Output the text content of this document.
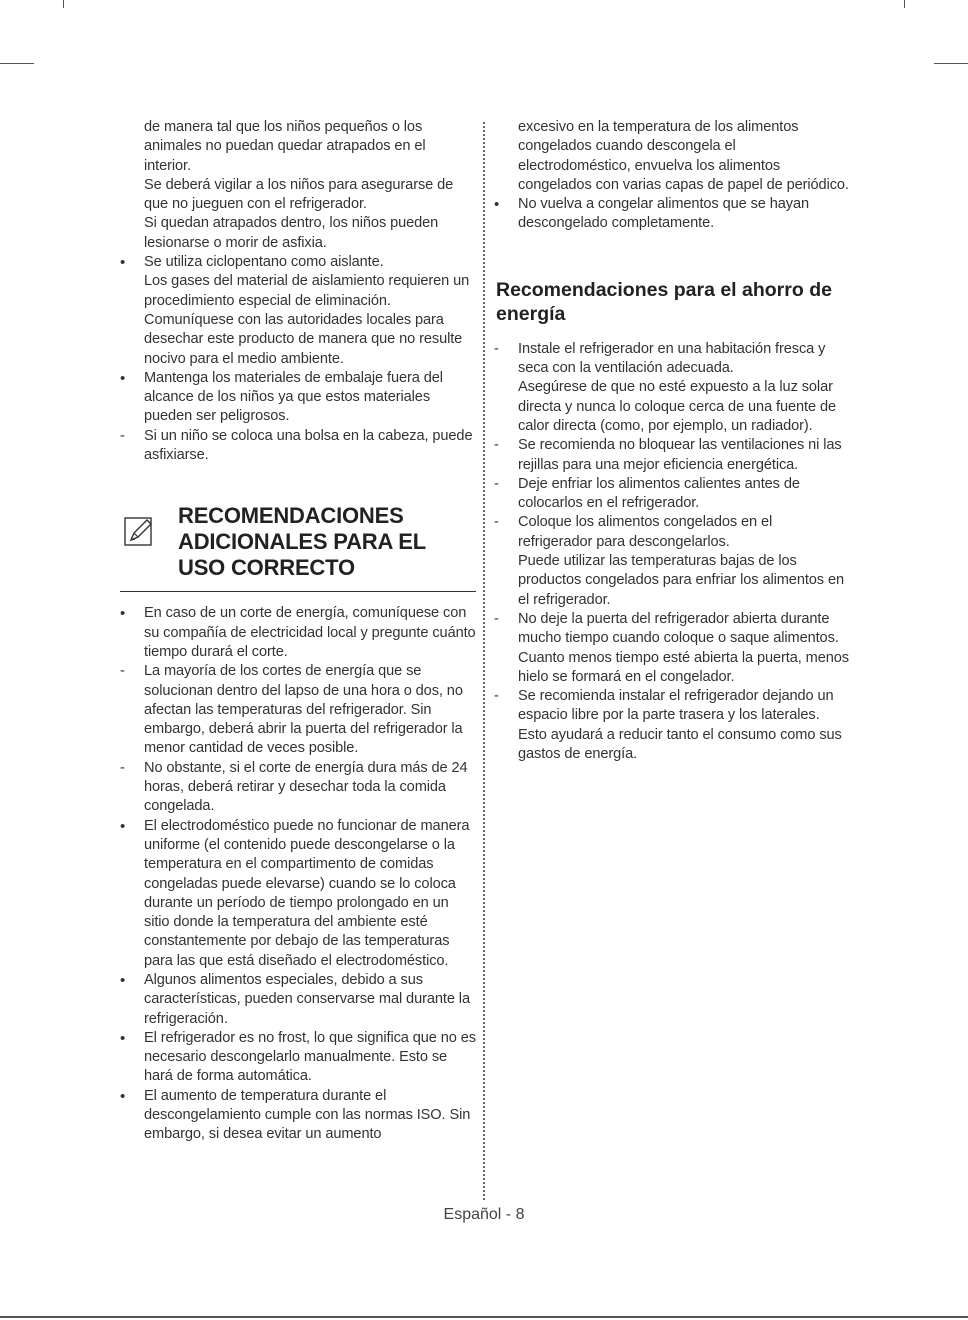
de manera tal que los niños pequeños o los animales no puedan quedar atrapados en el interior.

Se deberá vigilar a los niños para asegurarse de que no jueguen con el refrigerador.

Si quedan atrapados dentro, los niños pueden lesionarse o morir de asfixia.

•

Se utiliza ciclopentano como aislante.

Los gases del material de aislamiento requieren un procedimiento especial de eliminación. Comuníquese con las autoridades locales para desechar este producto de manera que no resulte nocivo para el medio ambiente.

•

Mantenga los materiales de embalaje fuera del alcance de los niños ya que estos materiales pueden ser peligrosos.

-

Si un niño se coloca una bolsa en la cabeza, puede asfixiarse.

RECOMENDACIONES
ADICIONALES PARA EL
USO CORRECTO
•

En caso de un corte de energía, comuníquese con su compañía de electricidad local y pregunte cuánto tiempo durará el corte.

-

La mayoría de los cortes de energía que se solucionan dentro del lapso de una hora o dos, no afectan las temperaturas del refrigerador. Sin embargo, deberá abrir la puerta del refrigerador la menor cantidad de veces posible.

-

No obstante, si el corte de energía dura más de 24 horas, deberá retirar y desechar toda la comida congelada.

•

El electrodoméstico puede no funcionar de manera uniforme (el contenido puede descongelarse o la temperatura en el compartimento de comidas congeladas puede elevarse) cuando se lo coloca durante un período de tiempo prolongado en un sitio donde la temperatura del ambiente esté constantemente por debajo de las temperaturas para las que está diseñado el electrodoméstico.

•

Algunos alimentos especiales, debido a sus características, pueden conservarse mal durante la refrigeración.

•

El refrigerador es no frost, lo que significa que no es necesario descongelarlo manualmente. Esto se hará de forma automática.

•

El aumento de temperatura durante el descongelamiento cumple con las normas ISO. Sin embargo, si desea evitar un aumento

excesivo en la temperatura de los alimentos congelados cuando descongela el electrodoméstico, envuelva los alimentos congelados con varias capas de papel de periódico.

•

No vuelva a congelar alimentos que se hayan descongelado completamente.

Recomendaciones para el ahorro de energía
-

Instale el refrigerador en una habitación fresca y seca con la ventilación adecuada.

Asegúrese de que no esté expuesto a la luz solar directa y nunca lo coloque cerca de una fuente de calor directa (como, por ejemplo, un radiador).

-

Se recomienda no bloquear las ventilaciones ni las rejillas para una mejor eficiencia energética.

-

Deje enfriar los alimentos calientes antes de colocarlos en el refrigerador.

-

Coloque los alimentos congelados en el refrigerador para descongelarlos.

Puede utilizar las temperaturas bajas de los productos congelados para enfriar los alimentos en el refrigerador.

-

No deje la puerta del refrigerador abierta durante mucho tiempo cuando coloque o saque alimentos.

Cuanto menos tiempo esté abierta la puerta, menos hielo se formará en el congelador.

-

Se recomienda instalar el refrigerador dejando un espacio libre por la parte trasera y los laterales. Esto ayudará a reducir tanto el consumo como sus gastos de energía.

Español - 8
